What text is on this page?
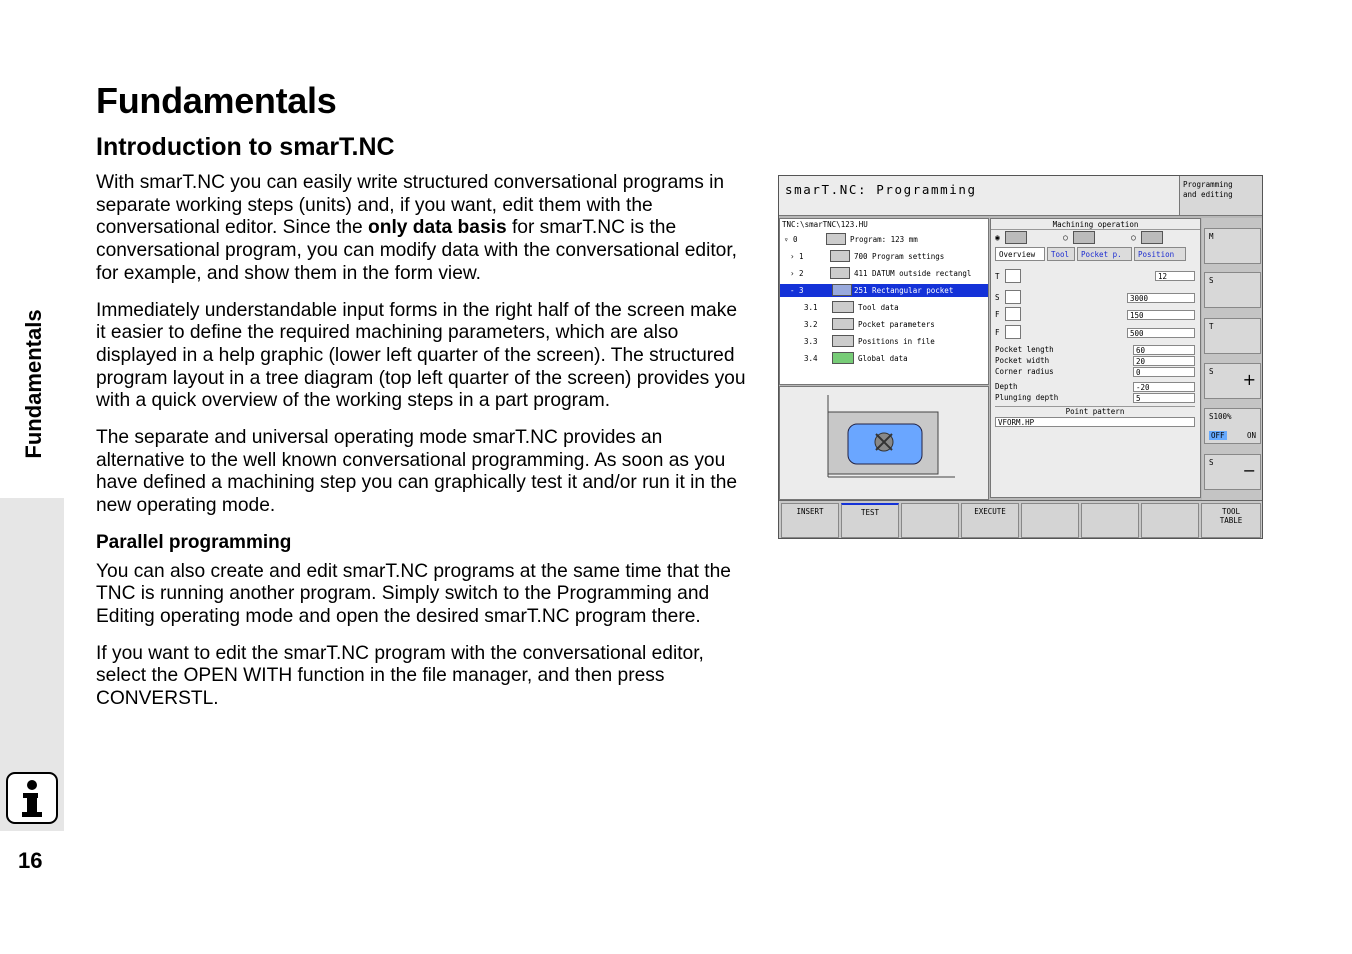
Fundamentals
16
Fundamentals
Introduction to smarT.NC

With smarT.NC you can easily write structured conversational programs in separate working steps (units) and, if you want, edit them with the conversational editor. Since the only data basis for smarT.NC is the conversational program, you can modify data with the conversational editor, for example, and show them in the form view.

Immediately understandable input forms in the right half of the screen make it easier to define the required machining parameters, which are also displayed in a help graphic (lower left quarter of the screen). The structured program layout in a tree diagram (top left quarter of the screen) provides you with a quick overview of the working steps in a part program.

The separate and universal operating mode smarT.NC provides an alternative to the well known conversational programming. As soon as you have defined a machining step you can graphically test it and/or run it in the new operating mode.

Parallel programming

You can also create and edit smarT.NC programs at the same time that the TNC is running another program. Simply switch to the Programming and Editing operating mode and open the desired smarT.NC program there.

If you want to edit the smarT.NC program with the conversational editor, select the OPEN WITH function in the file manager, and then press CONVERSTL.

smarT.NC: Programming	Programming
and editing
TNC:\smarTNC\123.HU
▿ 0	Program: 123 mm
› 1	700 Program settings
› 2	411 DATUM outside rectangl
- 3	251 Rectangular pocket
3.1	Tool data
3.2	Pocket parameters
3.3	Positions in file
3.4	Global data
Machining operation
◉	○	○
Overview	Tool	Pocket p.	Position
T	12
S	3000
F	150
F	500
Pocket length	60
Pocket width	20
Corner radius	0
Depth	-20
Plunging depth	5
Point pattern
VFORM.HP
M
S
T
S +
S100%
OFF	ON
S −
INSERT	TEST	EXECUTE	TOOL
TABLE
